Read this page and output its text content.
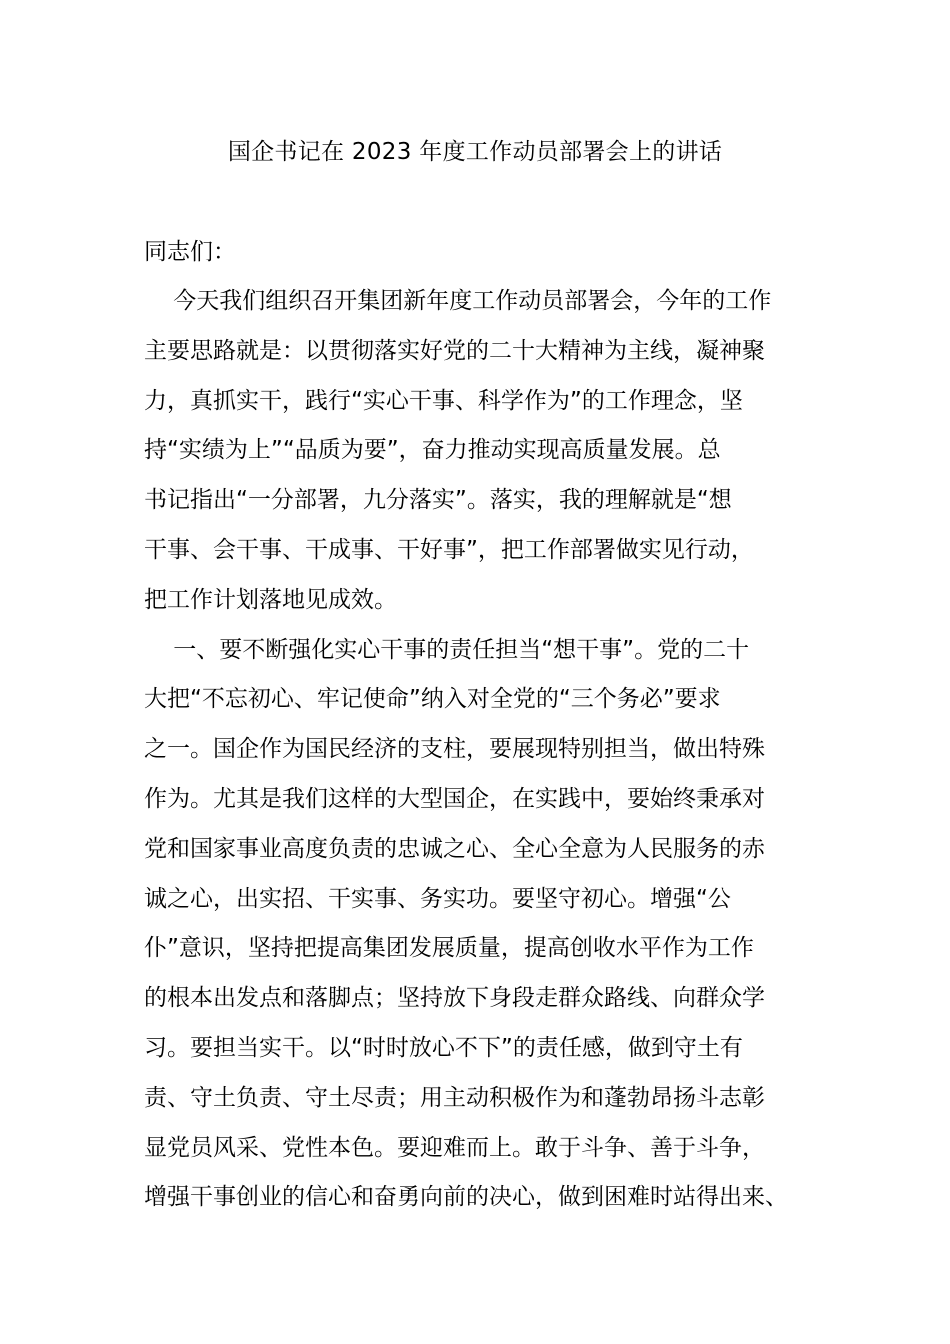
国企书记在 2023 年度工作动员部署会上的讲话
同志们：
今天我们组织召开集团新年度工作动员部署会，今年的工作
主要思路就是：以贯彻落实好党的二十大精神为主线，凝神聚
力，真抓实干，践行“实心干事、科学作为”的工作理念，坚
持“实绩为上”“品质为要”，奋力推动实现高质量发展。总
书记指出“一分部署，九分落实”。落实，我的理解就是“想
干事、会干事、干成事、干好事”，把工作部署做实见行动，
把工作计划落地见成效。
一、要不断强化实心干事的责任担当“想干事”。党的二十
大把“不忘初心、牢记使命”纳入对全党的“三个务必”要求
之一。国企作为国民经济的支柱，要展现特别担当，做出特殊
作为。尤其是我们这样的大型国企，在实践中，要始终秉承对
党和国家事业高度负责的忠诚之心、全心全意为人民服务的赤
诚之心，出实招、干实事、务实功。要坚守初心。增强“公
仆”意识，坚持把提高集团发展质量，提高创收水平作为工作
的根本出发点和落脚点；坚持放下身段走群众路线、向群众学
习。要担当实干。以“时时放心不下”的责任感，做到守土有
责、守土负责、守土尽责；用主动积极作为和蓬勃昂扬斗志彰
显党员风采、党性本色。要迎难而上。敢于斗争、善于斗争，
增强干事创业的信心和奋勇向前的决心，做到困难时站得出来、
